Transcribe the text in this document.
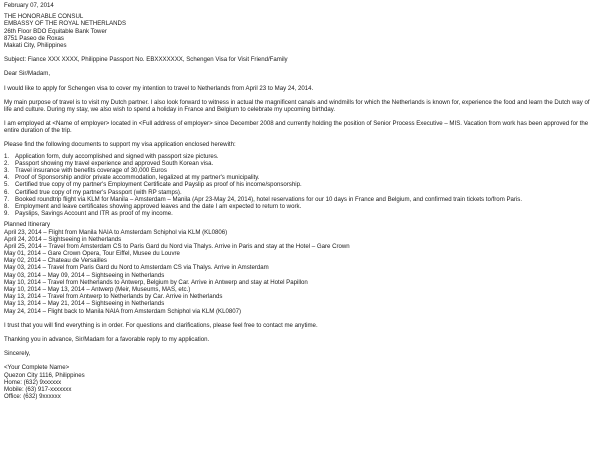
February 07, 2014
THE HONORABLE CONSUL
EMBASSY OF THE ROYAL NETHERLANDS
26th Floor BDO Equitable Bank Tower
8751 Paseo de Roxas
Makati City, Philippines
Subject: Fiance XXX XXXX, Philippine Passport No. EBXXXXXXX, Schengen Visa for Visit Friend/Family
Dear Sir/Madam,
I would like to apply for Schengen visa to cover my intention to travel to Netherlands from April 23 to May 24, 2014.
My main purpose of travel is to visit my Dutch partner. I also look forward to witness in actual the magnificent canals and windmills for which the Netherlands is known for, experience the food and learn the Dutch way of life and culture. During my stay, we also wish to spend a holiday in France and Belgium to celebrate my upcoming birthday.
I am employed at <Name of employer> located in <Full address of employer> since December 2008 and currently holding the position of Senior Process Executive – MIS. Vacation from work has been approved for the entire duration of the trip.
Please find the following documents to support my visa application enclosed herewith:
1. Application form, duly accomplished and signed with passport size pictures.
2. Passport showing my travel experience and approved South Korean visa.
3. Travel insurance with benefits coverage of 30,000 Euros
4. Proof of Sponsorship and/or private accommodation, legalized at my partner's municipality.
5. Certified true copy of my partner's Employment Certificate and Payslip as proof of his income/sponsorship.
6. Certified true copy of my partner's Passport (with RP stamps).
7. Booked roundtrip flight via KLM for Manila – Amsterdam – Manila (Apr 23-May 24, 2014), hotel reservations for our 10 days in France and Belgium, and confirmed train tickets to/from Paris.
8. Employment and leave certificates showing approved leaves and the date I am expected to return to work.
9. Payslips, Savings Account and ITR as proof of my income.
Planned Itinerary
April 23, 2014 – Flight from Manila NAIA to Amsterdam Schiphol via KLM (KL0806)
April 24, 2014 – Sightseeing in Netherlands
April 25, 2014 – Travel from Amsterdam CS to Paris Gard du Nord via Thalys. Arrive in Paris and stay at the Hotel – Gare Crown
May 01, 2014 – Gare Crown Opera, Tour Eiffel, Musee du Louvre
May 02, 2014 – Chateau de Versailles
May 03, 2014 – Travel from Paris Gard du Nord to Amsterdam CS via Thalys. Arrive in Amsterdam
May 03, 2014 – May 09, 2014 – Sightseeing in Netherlands
May 10, 2014 – Travel from Netherlands to Antwerp, Belgium by Car. Arrive in Antwerp and stay at Hotel Papillon
May 10, 2014 – May 13, 2014 – Antwerp (Meir, Museums, MAS, etc.)
May 13, 2014 – Travel from Antwerp to Netherlands by Car. Arrive in Netherlands
May 13, 2014 – May 21, 2014 – Sightseeing in Netherlands
May 24, 2014 – Flight back to Manila NAIA from Amsterdam Schiphol via KLM (KL0807)
I trust that you will find everything is in order. For questions and clarifications, please feel free to contact me anytime.
Thanking you in advance, Sir/Madam for a favorable reply to my application.
Sincerely,
<Your Complete Name>
Quezon City 1116, Philippines
Home: (632) 9xxxxxx
Mobile: (63) 917-xxxxxxx
Office: (632) 9xxxxxx
